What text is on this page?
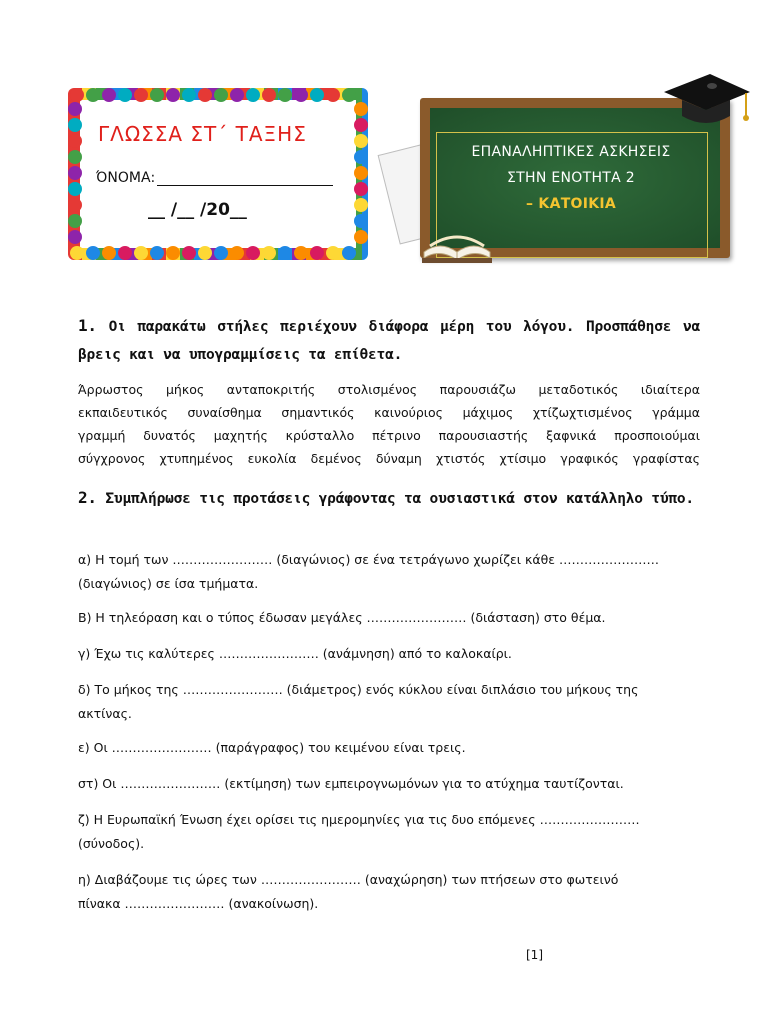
ΓΛΩΣΣΑ ΣΤ΄ ΤΑΞΗΣ
ΌΝΟΜΑ:
__ /__ /20__
ΕΠΑΝΑΛΗΠΤΙΚΕΣ ΑΣΚΗΣΕΙΣ
ΣΤΗΝ ΕΝΟΤΗΤΑ 2
– ΚΑΤΟΙΚΙΑ
1. Οι παρακάτω στήλες περιέχουν διάφορα μέρη του λόγου. Προσπάθησε να βρεις και να υπογραμμίσεις τα επίθετα.
Άρρωστος μήκος ανταποκριτής στολισμένος παρουσιάζω μεταδοτικός ιδιαίτερα
εκπαιδευτικός συναίσθημα σημαντικός καινούριος μάχιμος χτίζωχτισμένος γράμμα
γραμμή δυνατός μαχητής κρύσταλλο πέτρινο παρουσιαστής ξαφνικά προσποιούμαι
σύγχρονος χτυπημένος ευκολία δεμένος δύναμη χτιστός χτίσιμο γραφικός γραφίστας
2. Συμπλήρωσε τις προτάσεις γράφοντας τα ουσιαστικά στον κατάλληλο τύπο.
α) Η τομή των …………………… (διαγώνιος) σε ένα τετράγωνο χωρίζει κάθε ……………………
(διαγώνιος) σε ίσα τμήματα.
Β) Η τηλεόραση και ο τύπος έδωσαν μεγάλες …………………… (διάσταση) στο θέμα.
γ) Έχω τις καλύτερες …………………… (ανάμνηση) από το καλοκαίρι.
δ) Το μήκος της …………………… (διάμετρος) ενός κύκλου είναι διπλάσιο του μήκους της
ακτίνας.
ε) Οι …………………… (παράγραφος) του κειμένου είναι τρεις.
στ) Οι …………………… (εκτίμηση) των εμπειρογνωμόνων για το ατύχημα ταυτίζονται.
ζ) Η Ευρωπαϊκή Ένωση έχει ορίσει τις ημερομηνίες για τις δυο επόμενες ……………………
(σύνοδος).
η) Διαβάζουμε τις ώρες των …………………… (αναχώρηση) των πτήσεων στο φωτεινό
πίνακα …………………… (ανακοίνωση).
[1]
